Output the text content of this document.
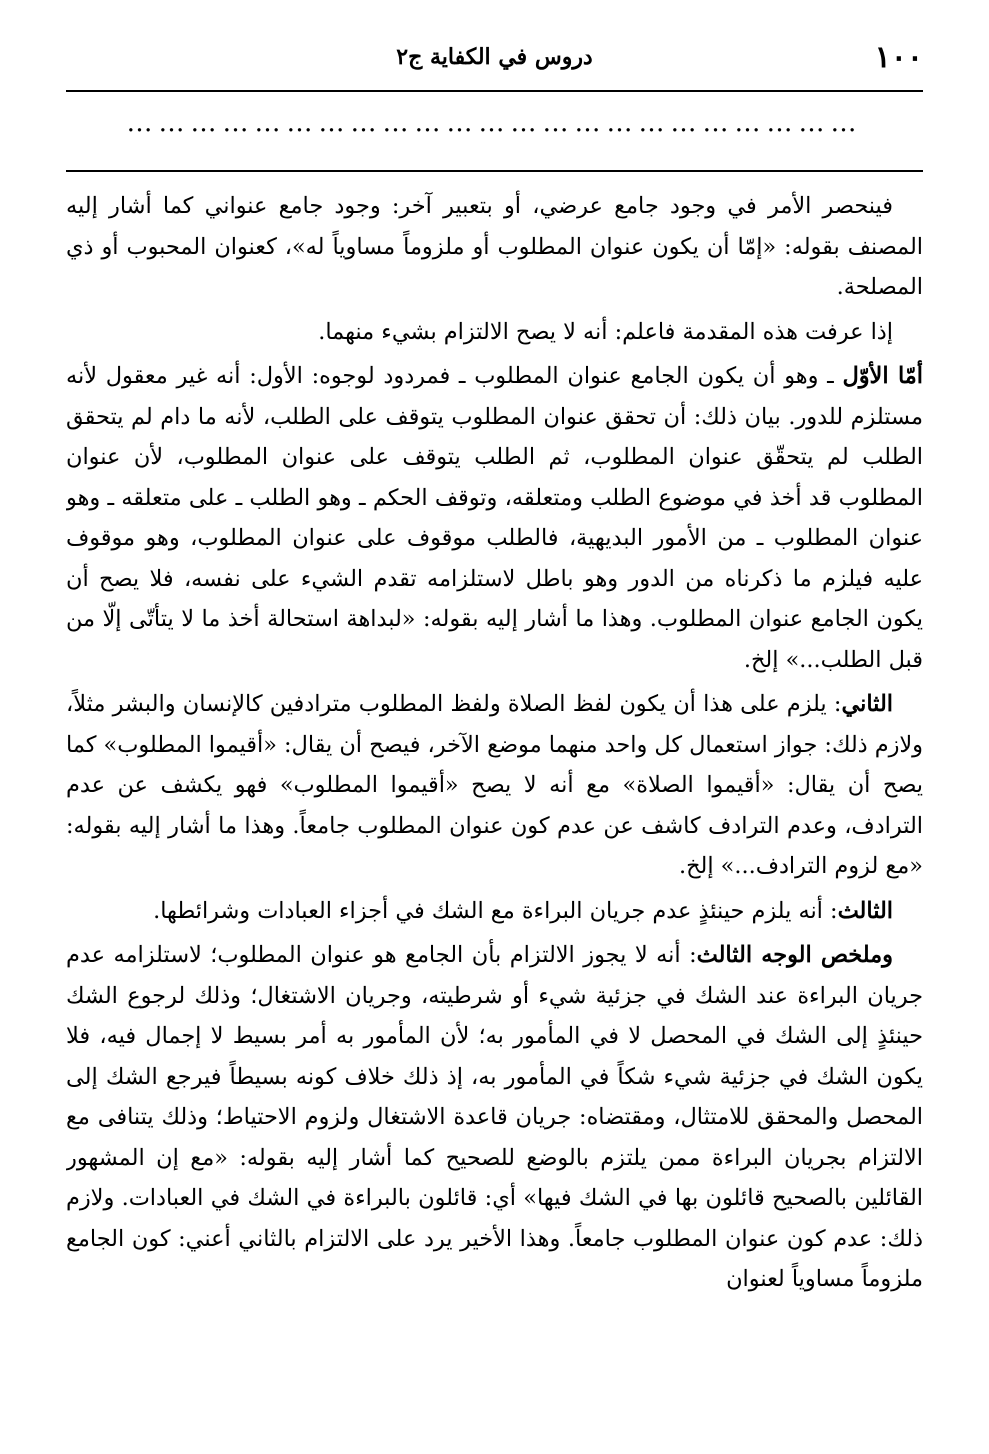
١٠٠
دروس في الكفاية ج٢
……………………………………………………………

فينحصر الأمر في وجود جامع عرضي، أو بتعبير آخر: وجود جامع عنواني كما أشار إليه المصنف بقوله: «إمّا أن يكون عنوان المطلوب أو ملزوماً مساوياً له»، كعنوان المحبوب أو ذي المصلحة.

إذا عرفت هذه المقدمة فاعلم: أنه لا يصح الالتزام بشيء منهما.

أمّا الأوّل ـ وهو أن يكون الجامع عنوان المطلوب ـ فمردود لوجوه: الأول: أنه غير معقول لأنه مستلزم للدور. بيان ذلك: أن تحقق عنوان المطلوب يتوقف على الطلب، لأنه ما دام لم يتحقق الطلب لم يتحقّق عنوان المطلوب، ثم الطلب يتوقف على عنوان المطلوب، لأن عنوان المطلوب قد أخذ في موضوع الطلب ومتعلقه، وتوقف الحكم ـ وهو الطلب ـ على متعلقه ـ وهو عنوان المطلوب ـ من الأمور البديهية، فالطلب موقوف على عنوان المطلوب، وهو موقوف عليه فيلزم ما ذكرناه من الدور وهو باطل لاستلزامه تقدم الشيء على نفسه، فلا يصح أن يكون الجامع عنوان المطلوب. وهذا ما أشار إليه بقوله: «لبداهة استحالة أخذ ما لا يتأتّى إلّا من قبل الطلب...» إلخ.

الثاني: يلزم على هذا أن يكون لفظ الصلاة ولفظ المطلوب مترادفين كالإنسان والبشر مثلاً، ولازم ذلك: جواز استعمال كل واحد منهما موضع الآخر، فيصح أن يقال: «أقيموا المطلوب» كما يصح أن يقال: «أقيموا الصلاة» مع أنه لا يصح «أقيموا المطلوب» فهو يكشف عن عدم الترادف، وعدم الترادف كاشف عن عدم كون عنوان المطلوب جامعاً. وهذا ما أشار إليه بقوله: «مع لزوم الترادف...» إلخ.

الثالث: أنه يلزم حينئذٍ عدم جريان البراءة مع الشك في أجزاء العبادات وشرائطها.

وملخص الوجه الثالث: أنه لا يجوز الالتزام بأن الجامع هو عنوان المطلوب؛ لاستلزامه عدم جريان البراءة عند الشك في جزئية شيء أو شرطيته، وجريان الاشتغال؛ وذلك لرجوع الشك حينئذٍ إلى الشك في المحصل لا في المأمور به؛ لأن المأمور به أمر بسيط لا إجمال فيه، فلا يكون الشك في جزئية شيء شكاً في المأمور به، إذ ذلك خلاف كونه بسيطاً فيرجع الشك إلى المحصل والمحقق للامتثال، ومقتضاه: جريان قاعدة الاشتغال ولزوم الاحتياط؛ وذلك يتنافى مع الالتزام بجريان البراءة ممن يلتزم بالوضع للصحيح كما أشار إليه بقوله: «مع إن المشهور القائلين بالصحيح قائلون بها في الشك فيها» أي: قائلون بالبراءة في الشك في العبادات. ولازم ذلك: عدم كون عنوان المطلوب جامعاً. وهذا الأخير يرد على الالتزام بالثاني أعني: كون الجامع ملزوماً مساوياً لعنوان
